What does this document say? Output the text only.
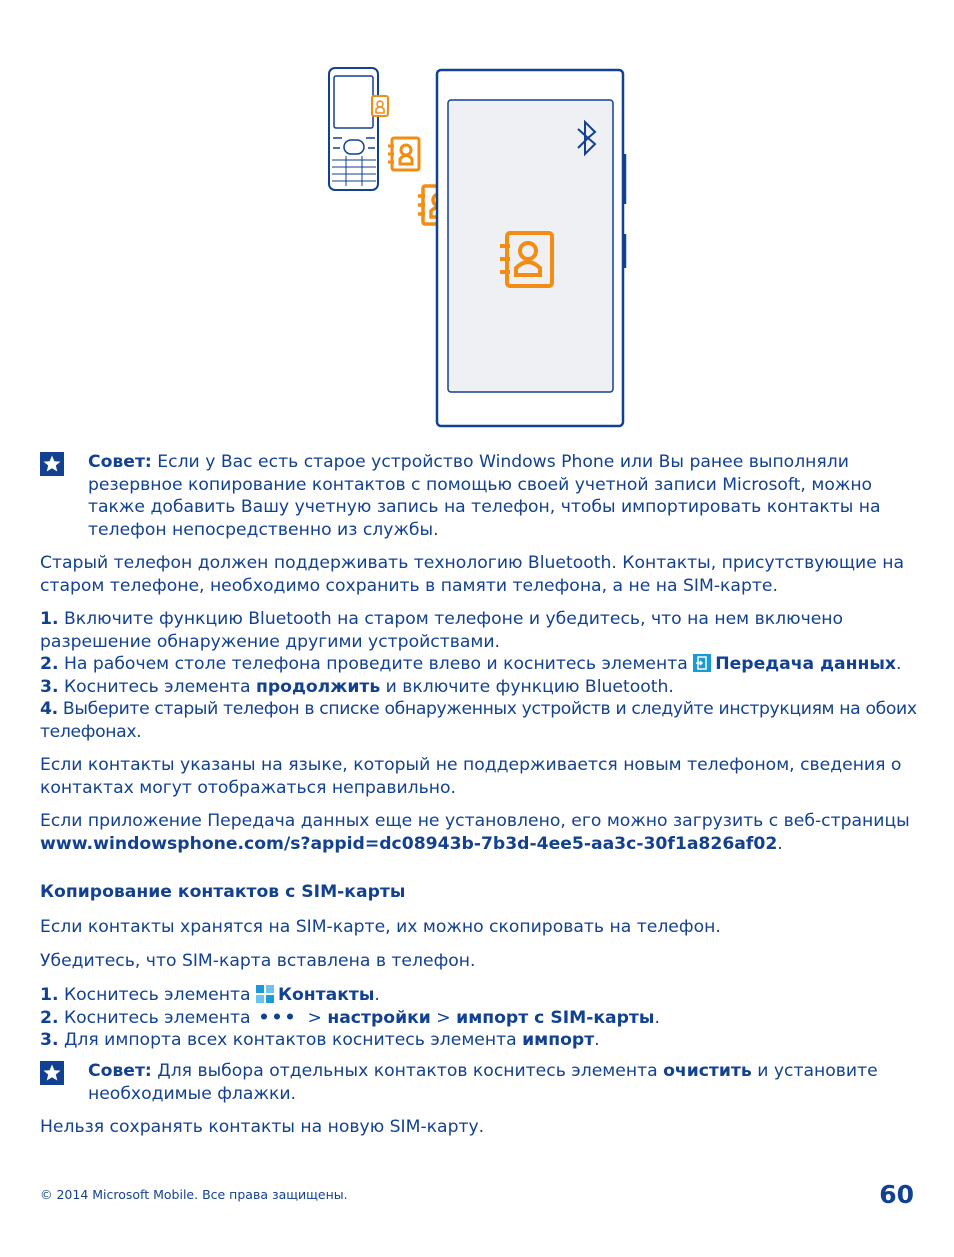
Совет: Если у Вас есть старое устройство Windows Phone или Вы ранее выполняли резервное копирование контактов с помощью своей учетной записи Microsoft, можно также добавить Вашу учетную запись на телефон, чтобы импортировать контакты на телефон непосредственно из службы.
Старый телефон должен поддерживать технологию Bluetooth. Контакты, присутствующие на старом телефоне, необходимо сохранить в памяти телефона, а не на SIM-карте.
1. Включите функцию Bluetooth на старом телефоне и убедитесь, что на нем включено разрешение обнаружение другими устройствами.
2. На рабочем столе телефона проведите влево и коснитесь элемента Передача данных.
3. Коснитесь элемента продолжить и включите функцию Bluetooth.
4. Выберите старый телефон в списке обнаруженных устройств и следуйте инструкциям на обоих телефонах.
Если контакты указаны на языке, который не поддерживается новым телефоном, сведения о контактах могут отображаться неправильно.
Если приложение Передача данных еще не установлено, его можно загрузить с веб-страницы www.windowsphone.com/s?appid=dc08943b-7b3d-4ee5-aa3c-30f1a826af02.
Копирование контактов с SIM-карты
Если контакты хранятся на SIM-карте, их можно скопировать на телефон.
Убедитесь, что SIM-карта вставлена в телефон.
1. Коснитесь элемента Контакты.
2. Коснитесь элемента ••• > настройки > импорт с SIM-карты.
3. Для импорта всех контактов коснитесь элемента импорт.
Совет: Для выбора отдельных контактов коснитесь элемента очистить и установите необходимые флажки.
Нельзя сохранять контакты на новую SIM-карту.
© 2014 Microsoft Mobile. Все права защищены.	60
